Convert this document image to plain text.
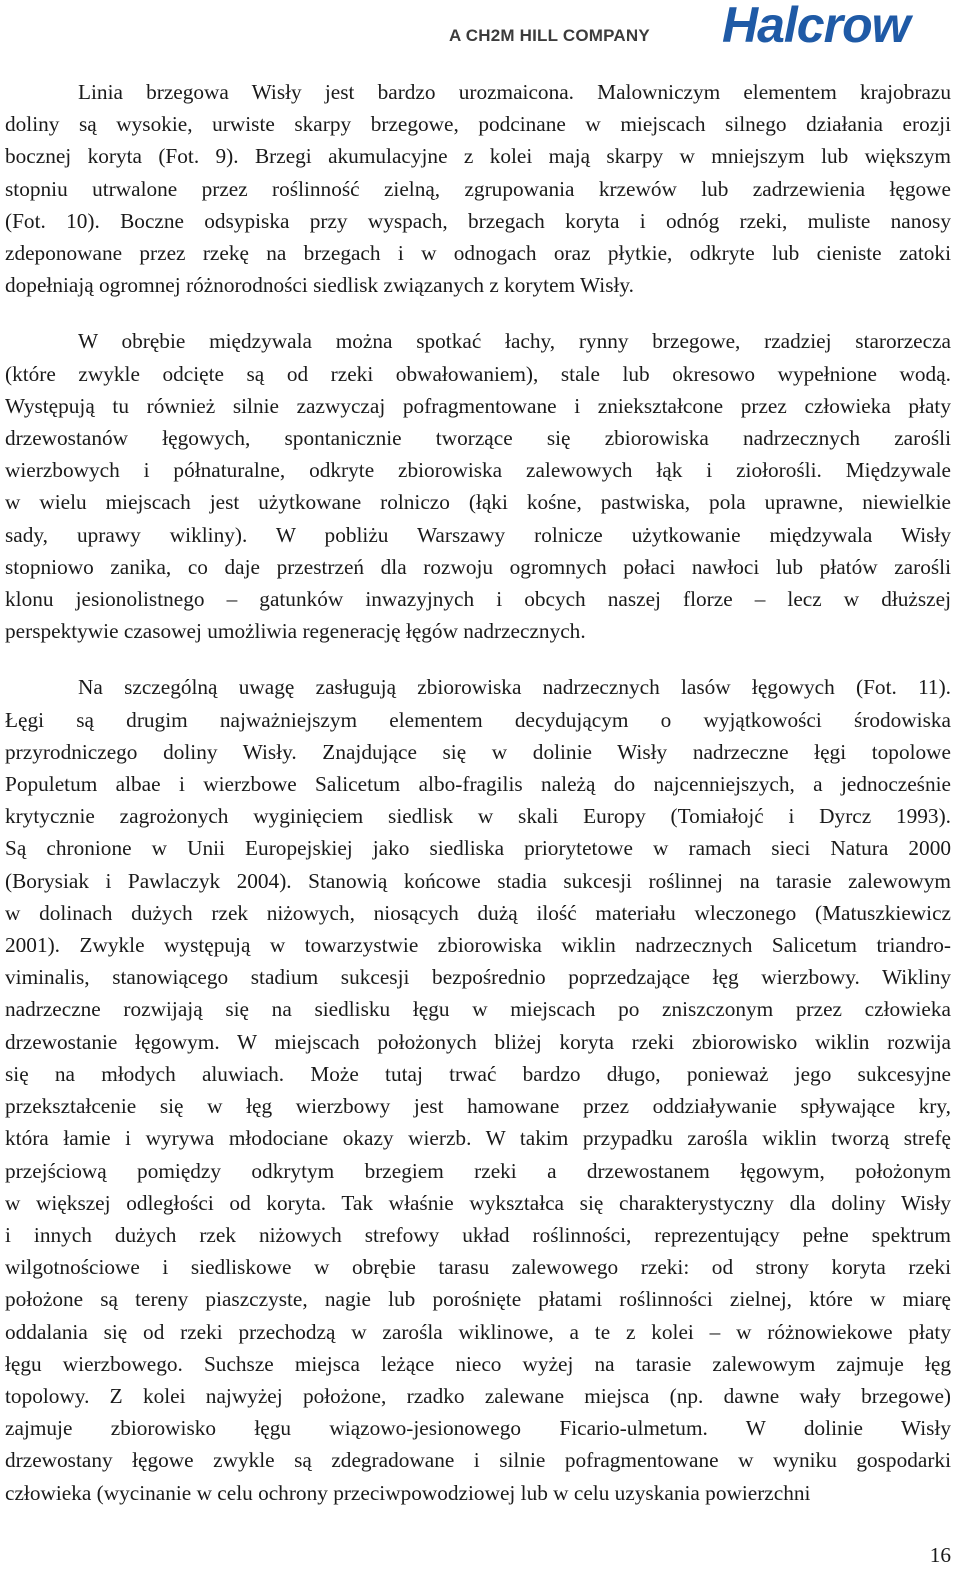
A CH2M HILL COMPANY Halcrow
Linia brzegowa Wisły jest bardzo urozmaicona. Malowniczym elementem krajobrazu
doliny są wysokie, urwiste skarpy brzegowe, podcinane w miejscach silnego działania erozji
bocznej koryta (Fot. 9). Brzegi akumulacyjne z kolei mają skarpy w mniejszym lub większym
stopniu utrwalone przez roślinność zielną, zgrupowania krzewów lub zadrzewienia łęgowe
(Fot. 10). Boczne odsypiska przy wyspach, brzegach koryta i odnóg rzeki, muliste nanosy
zdeponowane przez rzekę na brzegach i w odnogach oraz płytkie, odkryte lub cieniste zatoki
dopełniają ogromnej różnorodności siedlisk związanych z korytem Wisły.
W obrębie międzywala można spotkać łachy, rynny brzegowe, rzadziej starorzecza
(które zwykle odcięte są od rzeki obwałowaniem), stale lub okresowo wypełnione wodą.
Występują tu również silnie zazwyczaj pofragmentowane i zniekształcone przez człowieka płaty
drzewostanów łęgowych, spontanicznie tworzące się zbiorowiska nadrzecznych zarośli
wierzbowych i półnaturalne, odkryte zbiorowiska zalewowych łąk i ziołorośli. Międzywale
w wielu miejscach jest użytkowane rolniczo (łąki kośne, pastwiska, pola uprawne, niewielkie
sady, uprawy wikliny). W pobliżu Warszawy rolnicze użytkowanie międzywala Wisły
stopniowo zanika, co daje przestrzeń dla rozwoju ogromnych połaci nawłoci lub płatów zarośli
klonu jesionolistnego – gatunków inwazyjnych i obcych naszej florze – lecz w dłuższej
perspektywie czasowej umożliwia regenerację łęgów nadrzecznych.
Na szczególną uwagę zasługują zbiorowiska nadrzecznych lasów łęgowych (Fot. 11).
Łęgi są drugim najważniejszym elementem decydującym o wyjątkowości środowiska
przyrodniczego doliny Wisły. Znajdujące się w dolinie Wisły nadrzeczne łęgi topolowe
Populetum albae i wierzbowe Salicetum albo-fragilis należą do najcenniejszych, a jednocześnie
krytycznie zagrożonych wyginięciem siedlisk w skali Europy (Tomiałojć i Dyrcz 1993).
Są chronione w Unii Europejskiej jako siedliska priorytetowe w ramach sieci Natura 2000
(Borysiak i Pawlaczyk 2004). Stanowią końcowe stadia sukcesji roślinnej na tarasie zalewowym
w dolinach dużych rzek niżowych, niosących dużą ilość materiału wleczonego (Matuszkiewicz
2001). Zwykle występują w towarzystwie zbiorowiska wiklin nadrzecznych Salicetum triandro-
viminalis, stanowiącego stadium sukcesji bezpośrednio poprzedzające łęg wierzbowy. Wikliny
nadrzeczne rozwijają się na siedlisku łęgu w miejscach po zniszczonym przez człowieka
drzewostanie łęgowym. W miejscach położonych bliżej koryta rzeki zbiorowisko wiklin rozwija
się na młodych aluwiach. Może tutaj trwać bardzo długo, ponieważ jego sukcesyjne
przekształcenie się w łęg wierzbowy jest hamowane przez oddziaływanie spływające kry,
która łamie i wyrywa młodociane okazy wierzb. W takim przypadku zarośla wiklin tworzą strefę
przejściową pomiędzy odkrytym brzegiem rzeki a drzewostanem łęgowym, położonym
w większej odległości od koryta. Tak właśnie wykształca się charakterystyczny dla doliny Wisły
i innych dużych rzek niżowych strefowy układ roślinności, reprezentujący pełne spektrum
wilgotnościowe i siedliskowe w obrębie tarasu zalewowego rzeki: od strony koryta rzeki
położone są tereny piaszczyste, nagie lub porośnięte płatami roślinności zielnej, które w miarę
oddalania się od rzeki przechodzą w zarośla wiklinowe, a te z kolei – w różnowiekowe płaty
łęgu wierzbowego. Suchsze miejsca leżące nieco wyżej na tarasie zalewowym zajmuje łęg
topolowy. Z kolei najwyżej położone, rzadko zalewane miejsca (np. dawne wały brzegowe)
zajmuje zbiorowisko łęgu wiązowo-jesionowego Ficario-ulmetum. W dolinie Wisły
drzewostany łęgowe zwykle są zdegradowane i silnie pofragmentowane w wyniku gospodarki
człowieka (wycinanie w celu ochrony przeciwpowodziowej lub w celu uzyskania powierzchni
16
